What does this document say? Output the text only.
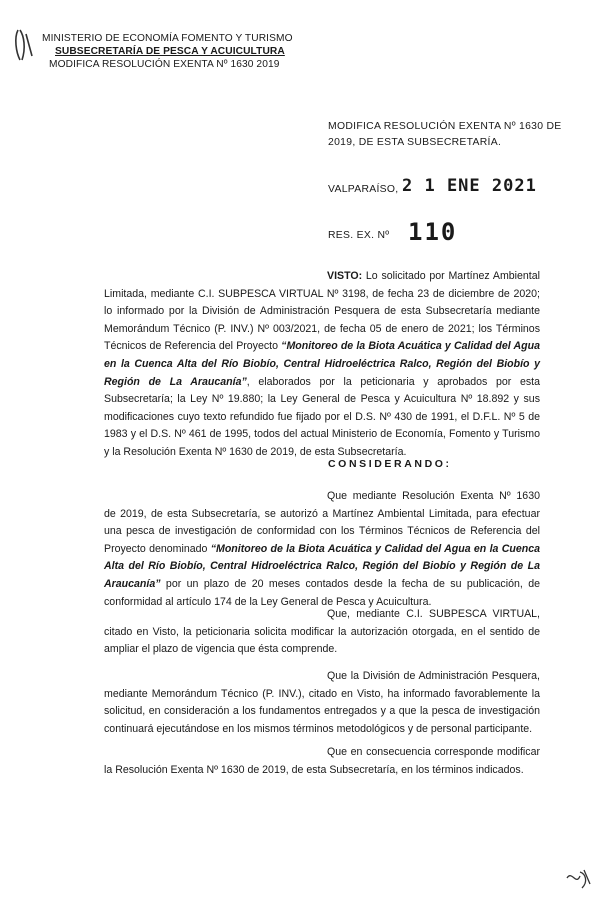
MINISTERIO DE ECONOMÍA FOMENTO Y TURISMO
SUBSECRETARÍA DE PESCA Y ACUICULTURA
MODIFICA RESOLUCIÓN EXENTA Nº 1630 2019
MODIFICA RESOLUCIÓN EXENTA Nº 1630 DE
2019, DE ESTA SUBSECRETARÍA.
VALPARAÍSO, 2 1 ENE 2021
RES. EX. Nº 110
VISTO: Lo solicitado por Martínez Ambiental Limitada, mediante C.I. SUBPESCA VIRTUAL Nº 3198, de fecha 23 de diciembre de 2020; lo informado por la División de Administración Pesquera de esta Subsecretaría mediante Memorándum Técnico (P. INV.) Nº 003/2021, de fecha 05 de enero de 2021; los Términos Técnicos de Referencia del Proyecto “Monitoreo de la Biota Acuática y Calidad del Agua en la Cuenca Alta del Río Biobío, Central Hidroeléctrica Ralco, Región del Biobío y Región de La Araucanía”, elaborados por la peticionaria y aprobados por esta Subsecretaría; la Ley Nº 19.880; la Ley General de Pesca y Acuicultura Nº 18.892 y sus modificaciones cuyo texto refundido fue fijado por el D.S. Nº 430 de 1991, el D.F.L. Nº 5 de 1983 y el D.S. Nº 461 de 1995, todos del actual Ministerio de Economía, Fomento y Turismo y la Resolución Exenta Nº 1630 de 2019, de esta Subsecretaría.
CONSIDERANDO:
Que mediante Resolución Exenta Nº 1630 de 2019, de esta Subsecretaría, se autorizó a Martínez Ambiental Limitada, para efectuar una pesca de investigación de conformidad con los Términos Técnicos de Referencia del Proyecto denominado “Monitoreo de la Biota Acuática y Calidad del Agua en la Cuenca Alta del Río Biobío, Central Hidroeléctrica Ralco, Región del Biobío y Región de La Araucanía” por un plazo de 20 meses contados desde la fecha de su publicación, de conformidad al artículo 174 de la Ley General de Pesca y Acuicultura.
Que, mediante C.I. SUBPESCA VIRTUAL, citado en Visto, la peticionaria solicita modificar la autorización otorgada, en el sentido de ampliar el plazo de vigencia que ésta comprende.
Que la División de Administración Pesquera, mediante Memorándum Técnico (P. INV.), citado en Visto, ha informado favorablemente la solicitud, en consideración a los fundamentos entregados y a que la pesca de investigación continuará ejecutándose en los mismos términos metodológicos y de personal participante.
Que en consecuencia corresponde modificar la Resolución Exenta Nº 1630 de 2019, de esta Subsecretaría, en los términos indicados.
